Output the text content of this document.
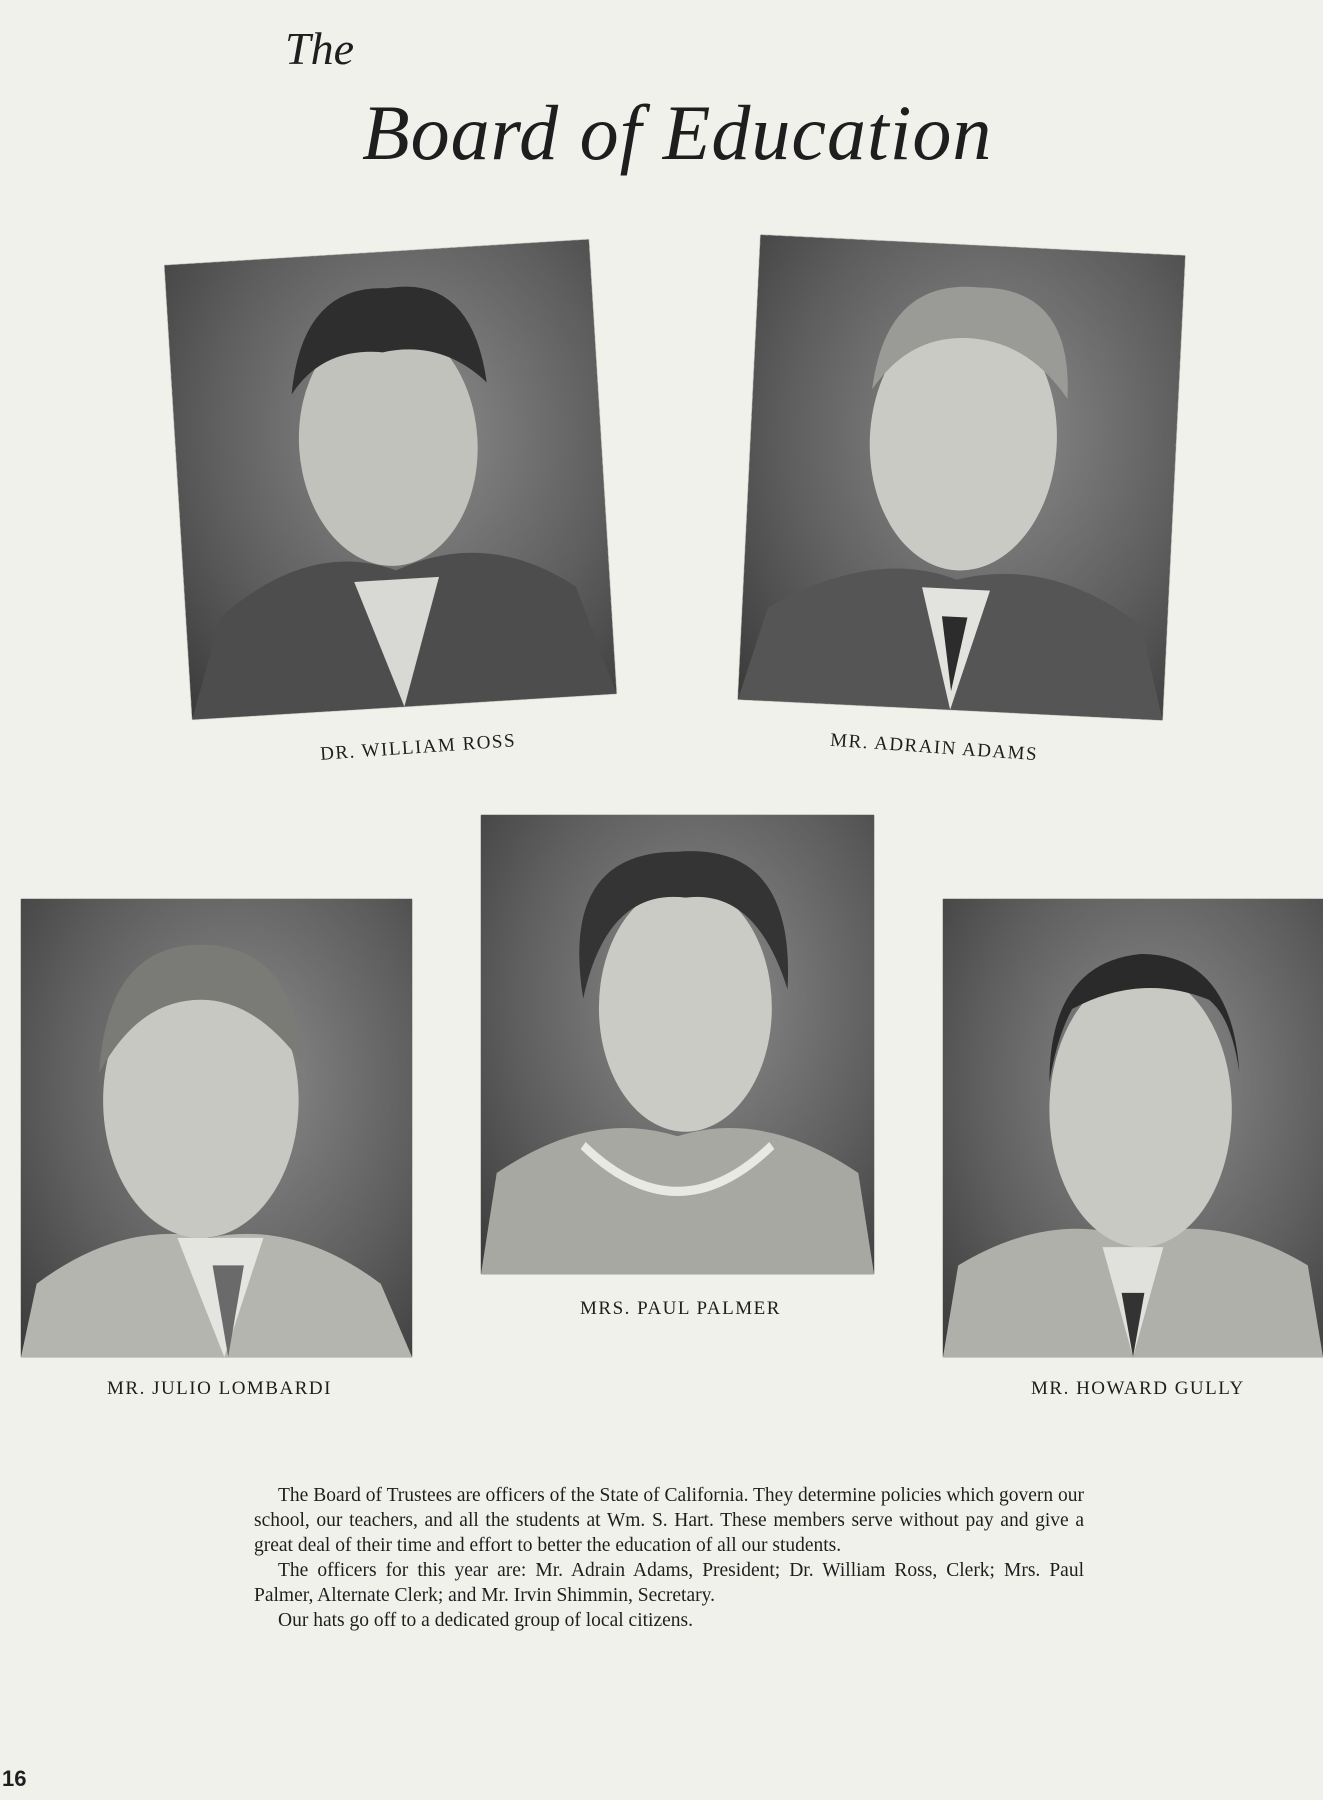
The
Board of Education

DR. WILLIAM ROSS	MR. ADRAIN ADAMS

MR. JULIO LOMBARDI

MRS. PAUL PALMER

MR. HOWARD GULLY

The Board of Trustees are officers of the State of California. They determine policies which govern our school, our teachers, and all the students at Wm. S. Hart. These members serve without pay and give a great deal of their time and effort to better the education of all our students.

The officers for this year are: Mr. Adrain Adams, President; Dr. William Ross, Clerk; Mrs. Paul Palmer, Alternate Clerk; and Mr. Irvin Shimmin, Secretary.

Our hats go off to a dedicated group of local citizens.

16
